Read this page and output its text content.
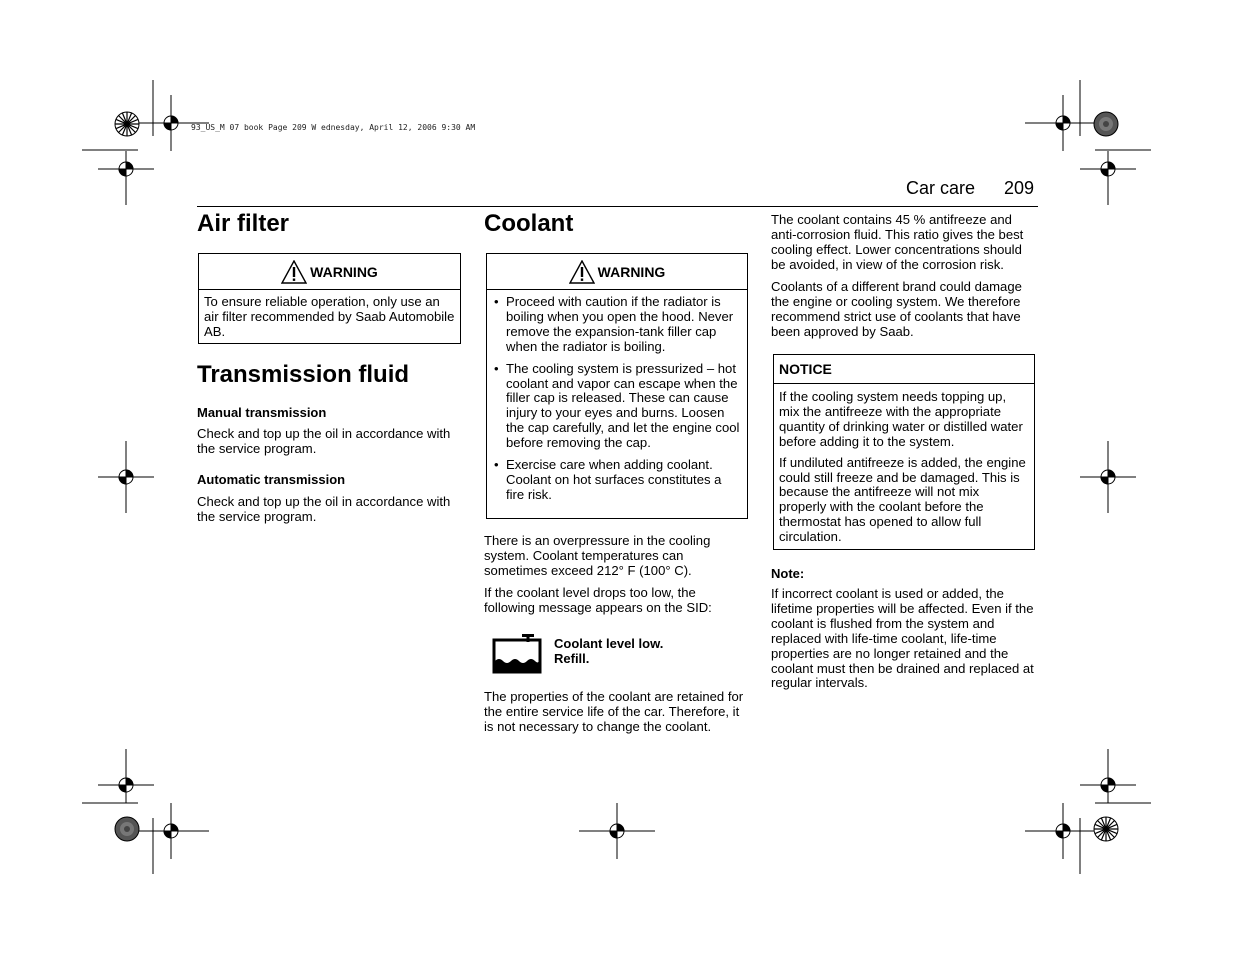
93_US_M 07 book Page 209 W ednesday, April 12, 2006 9:30 AM
Car care 209
Air filter
WARNING
To ensure reliable operation, only use an air filter recommended by Saab Automobile AB.
Transmission fluid
Manual transmission

Check and top up the oil in accordance with the service program.

Automatic transmission

Check and top up the oil in accordance with the service program.

Coolant
WARNING
• Proceed with caution if the radiator is boiling when you open the hood. Never remove the expansion-tank filler cap when the radiator is boiling.
• The cooling system is pressurized – hot coolant and vapor can escape when the filler cap is released. These can cause injury to your eyes and burns. Loosen the cap carefully, and let the engine cool before removing the cap.
• Exercise care when adding coolant. Coolant on hot surfaces constitutes a fire risk.

There is an overpressure in the cooling system. Coolant temperatures can sometimes exceed 212° F (100° C).

If the coolant level drops too low, the following message appears on the SID:

Coolant level low.
Refill.

The properties of the coolant are retained for the entire service life of the car. Therefore, it is not necessary to change the coolant.

The coolant contains 45 % antifreeze and anti-corrosion fluid. This ratio gives the best cooling effect. Lower concentrations should be avoided, in view of the corrosion risk.

Coolants of a different brand could damage the engine or cooling system. We therefore recommend strict use of coolants that have been approved by Saab.

NOTICE

If the cooling system needs topping up, mix the antifreeze with the appropriate quantity of drinking water or distilled water before adding it to the system.

If undiluted antifreeze is added, the engine could still freeze and be damaged. This is because the antifreeze will not mix properly with the coolant before the thermostat has opened to allow full circulation.

Note:

If incorrect coolant is used or added, the lifetime properties will be affected. Even if the coolant is flushed from the system and replaced with life-time coolant, life-time properties are no longer retained and the coolant must then be drained and replaced at regular intervals.
